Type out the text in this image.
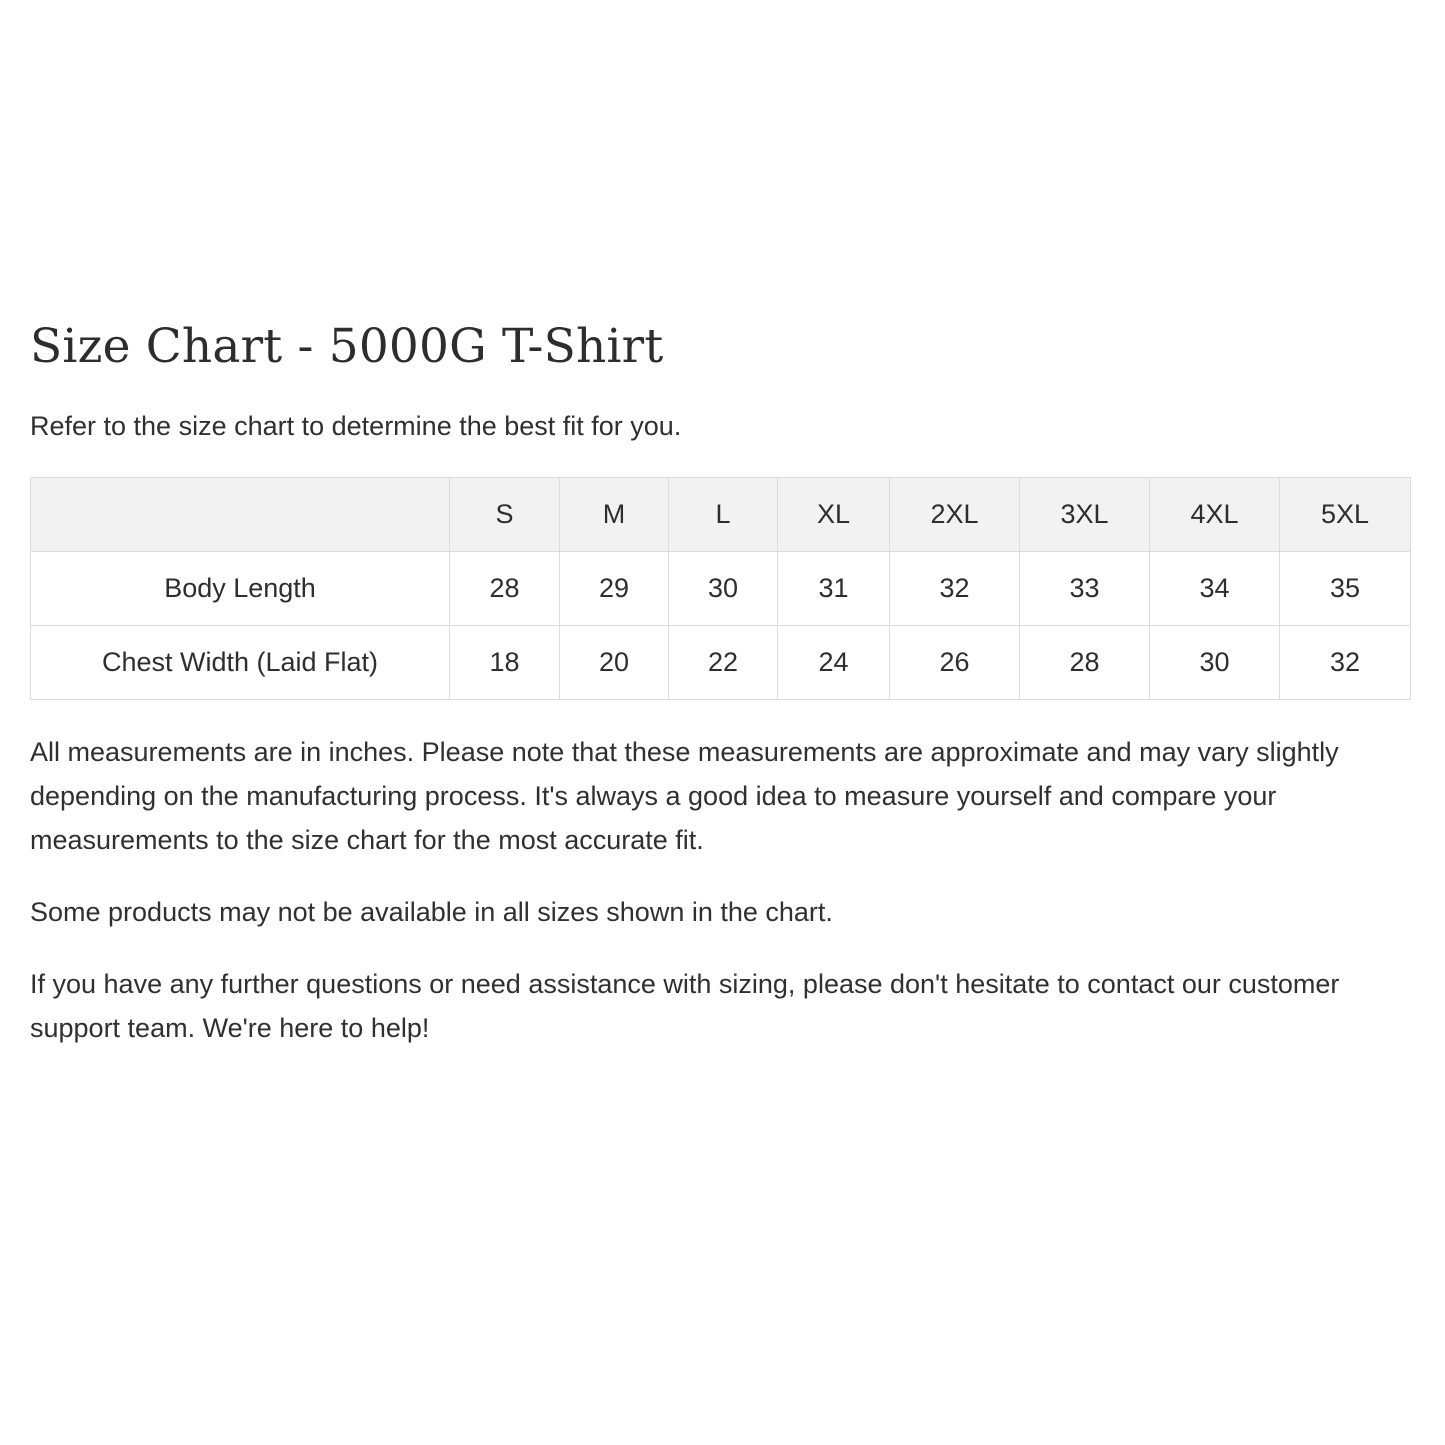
Size Chart - 5000G T-Shirt

Refer to the size chart to determine the best fit for you.

	S	M	L	XL	2XL	3XL	4XL	5XL
Body Length	28	29	30	31	32	33	34	35
Chest Width (Laid Flat)	18	20	22	24	26	28	30	32

All measurements are in inches. Please note that these measurements are approximate and may vary slightly depending on the manufacturing process. It's always a good idea to measure yourself and compare your measurements to the size chart for the most accurate fit.

Some products may not be available in all sizes shown in the chart.

If you have any further questions or need assistance with sizing, please don't hesitate to contact our customer support team. We're here to help!
